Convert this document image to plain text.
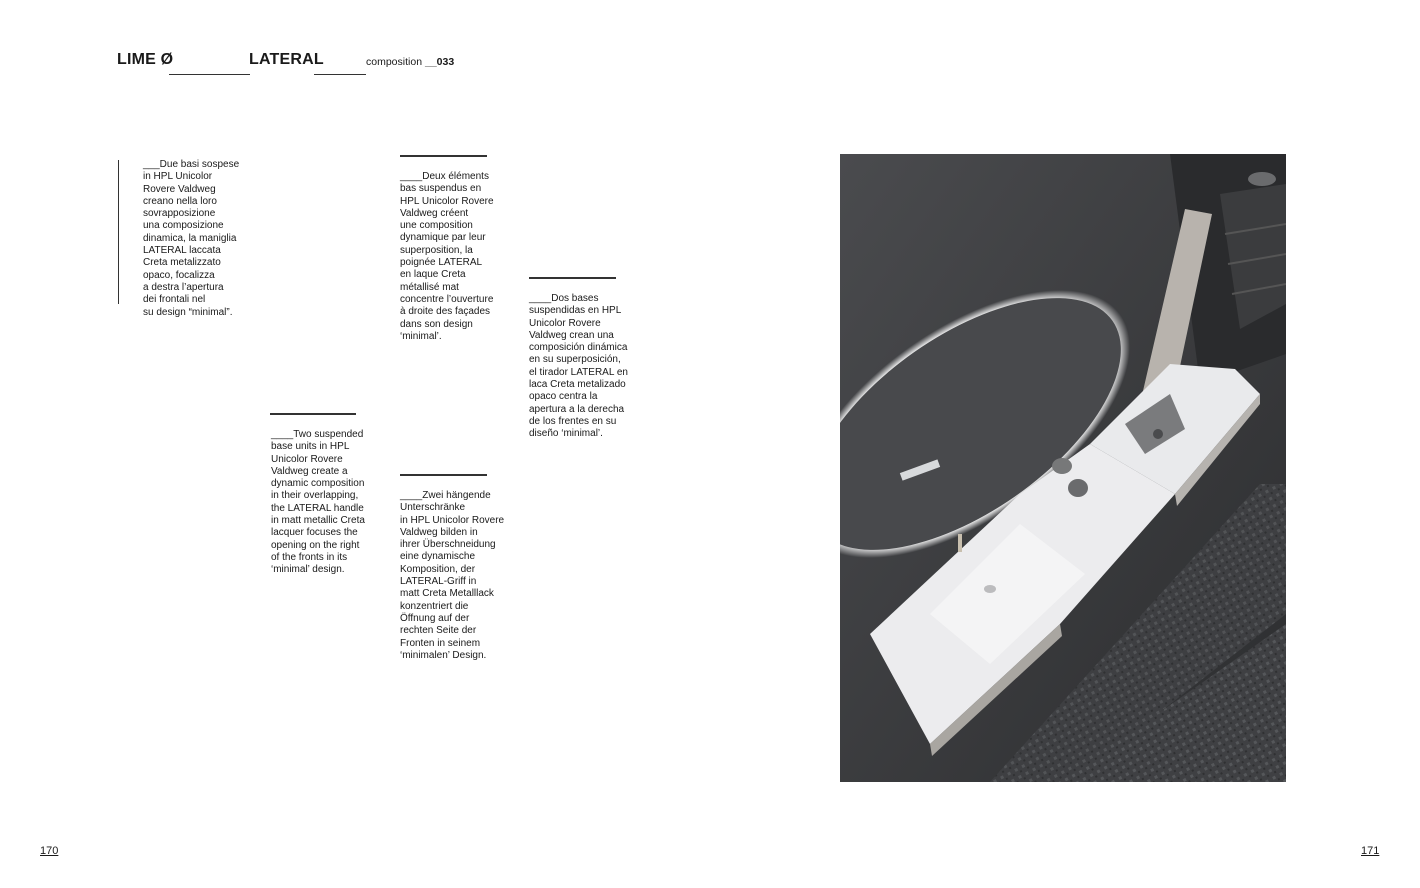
LIME Ø	LATERAL	composition __033
___Due basi sospese
in HPL Unicolor
Rovere Valdweg
creano nella loro
sovrapposizione
una composizione
dinamica, la maniglia
LATERAL laccata
Creta metalizzato
opaco, focalizza
a destra l’apertura
dei frontali nel
su design “minimal”.
____Two suspended
base units in HPL
Unicolor Rovere
Valdweg create a
dynamic composition
in their overlapping,
the LATERAL handle
in matt metallic Creta
lacquer focuses the
opening on the right
of the fronts in its
‘minimal’ design.
____Deux éléments
bas suspendus en
HPL Unicolor Rovere
Valdweg créent
une composition
dynamique par leur
superposition, la
poignée LATERAL
en laque Creta
métallisé mat
concentre l’ouverture
à droite des façades
dans son design
‘minimal’.
____Zwei hängende
Unterschränke
in HPL Unicolor Rovere
Valdweg bilden in
ihrer Überschneidung
eine dynamische
Komposition, der
LATERAL-Griff in
matt Creta Metalllack
konzentriert die
Öffnung auf der
rechten Seite der
Fronten in seinem
‘minimalen’ Design.
____Dos bases
suspendidas en HPL
Unicolor Rovere
Valdweg crean una
composición dinámica
en su superposición,
el tirador LATERAL en
laca Creta metalizado
opaco centra la
apertura a la derecha
de los frentes en su
diseño ‘minimal’.
170	171
